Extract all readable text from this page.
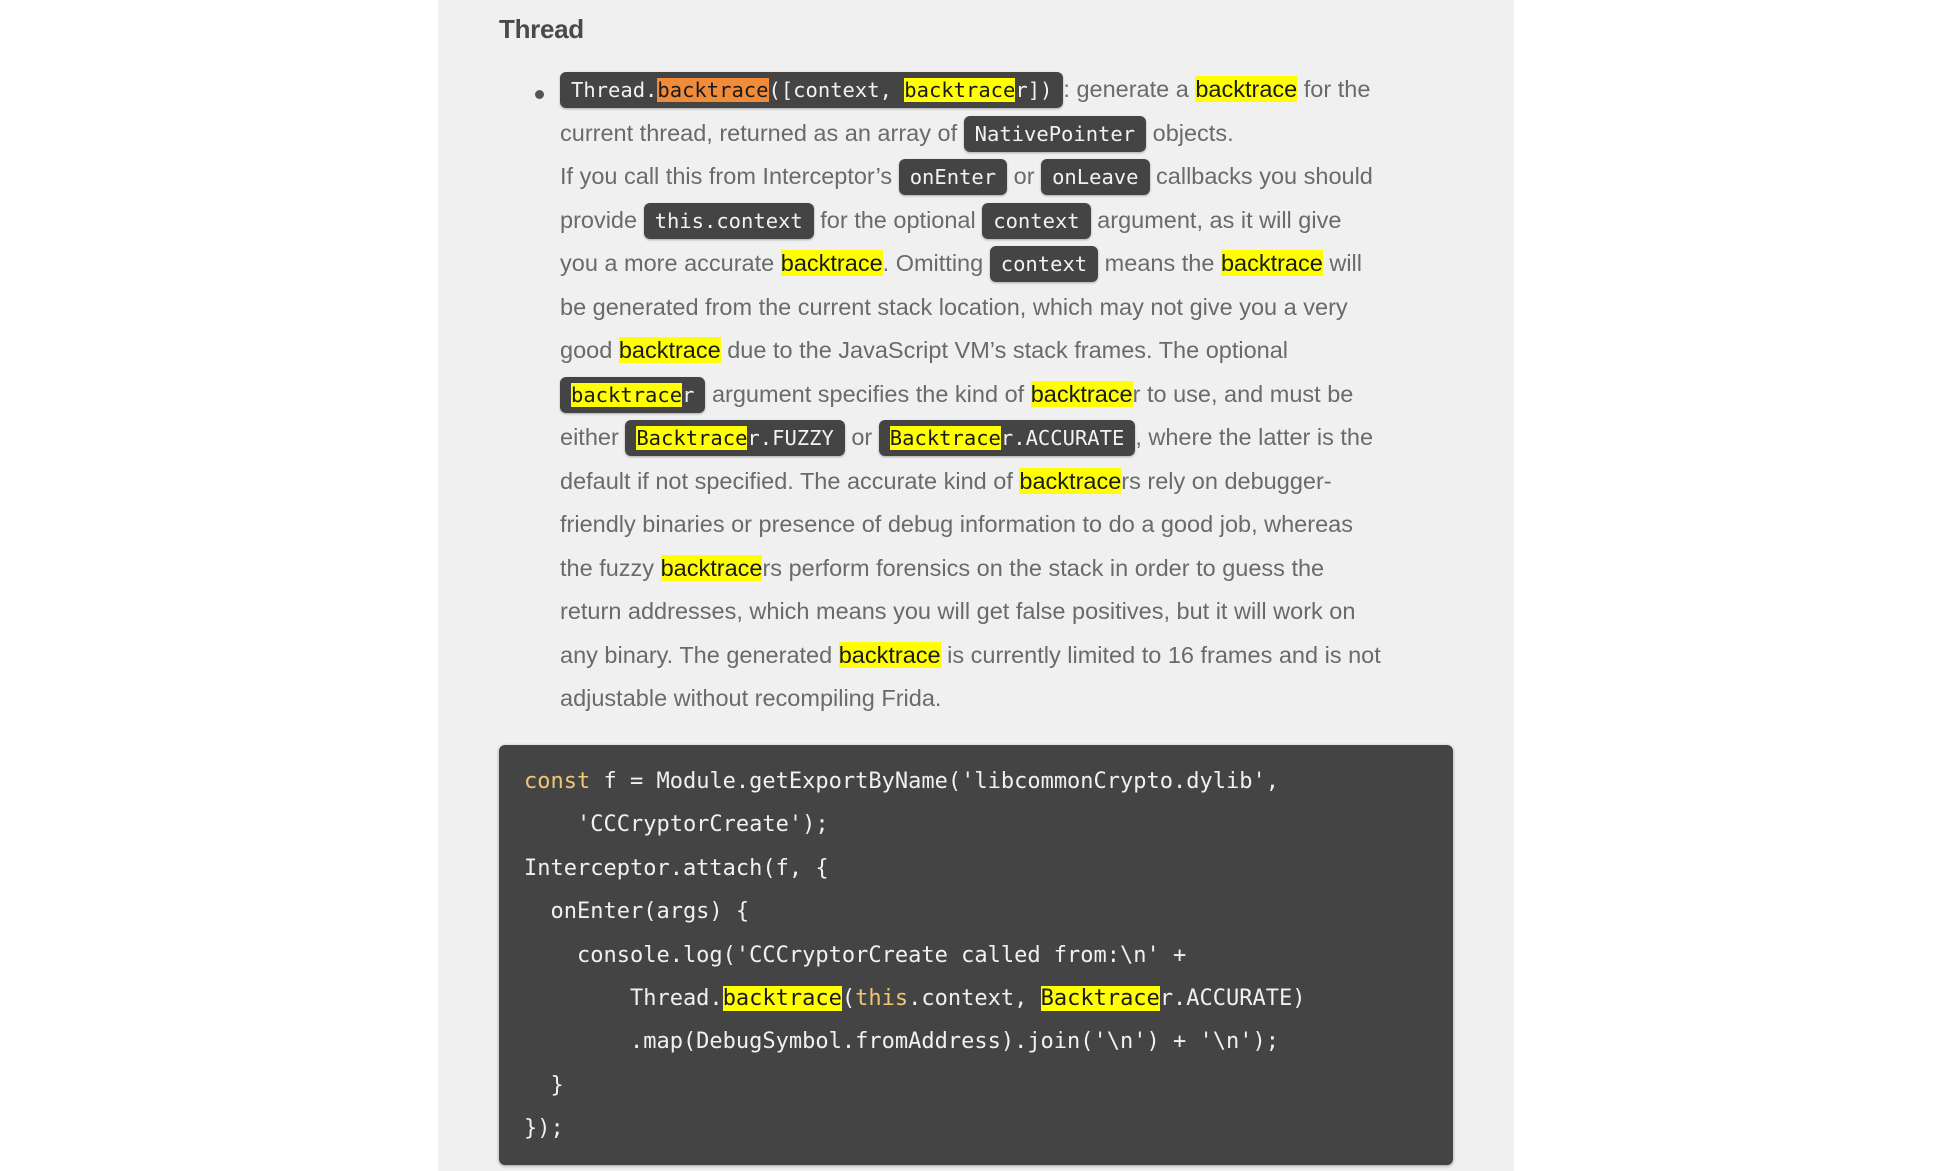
Thread
Thread.backtrace([context, backtracer]) : generate a backtrace for the
current thread, returned as an array of NativePointer objects.
If you call this from Interceptor’s onEnter or onLeave callbacks you should
provide this.context for the optional context argument, as it will give
you a more accurate backtrace. Omitting context means the backtrace will
be generated from the current stack location, which may not give you a very
good backtrace due to the JavaScript VM’s stack frames. The optional
backtracer argument specifies the kind of backtracer to use, and must be
either Backtracer.FUZZY or Backtracer.ACCURATE , where the latter is the
default if not specified. The accurate kind of backtracers rely on debugger-
friendly binaries or presence of debug information to do a good job, whereas
the fuzzy backtracers perform forensics on the stack in order to guess the
return addresses, which means you will get false positives, but it will work on
any binary. The generated backtrace is currently limited to 16 frames and is not
adjustable without recompiling Frida.
const f = Module.getExportByName('libcommonCrypto.dylib',
'CCCryptorCreate');
Interceptor.attach(f, {
onEnter(args) {
console.log('CCCryptorCreate called from:\n' +
Thread.backtrace(this.context, Backtracer.ACCURATE)
.map(DebugSymbol.fromAddress).join('\n') + '\n');
}
});
